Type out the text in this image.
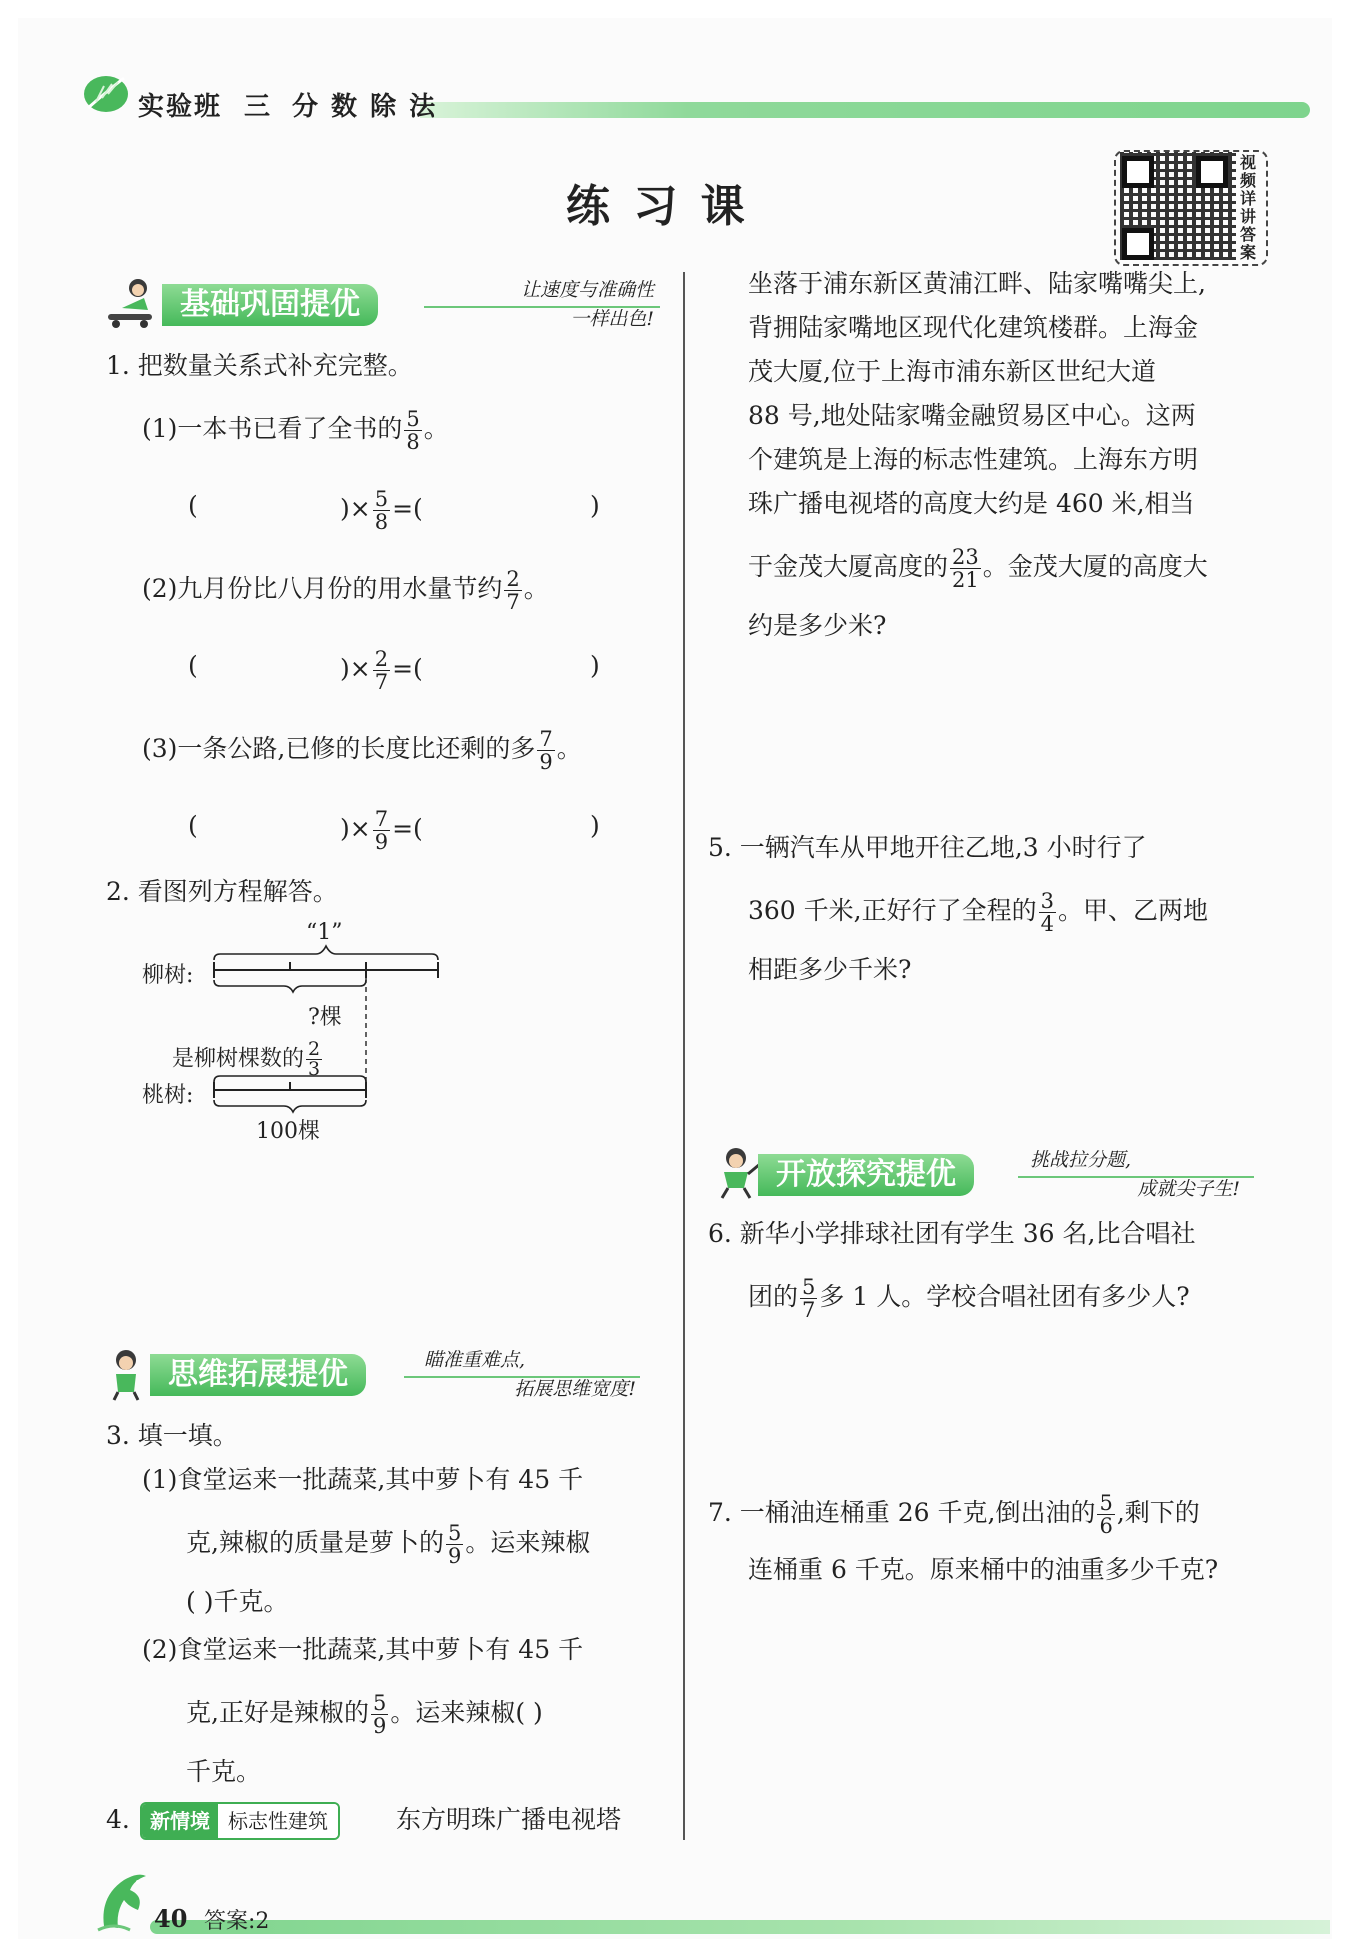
实验班 三 分 数 除 法
练 习 课
视频详讲答案
基础巩固提优	让速度与准确性
一样出色!
1. 把数量关系式补充完整。
(1)一本书已看了全书的 $\frac{5}{8}$ 。
(	)× $\frac{5}{8}$ =(	)
(2)九月份比八月份的用水量节约 $\frac{2}{7}$ 。
(	)× $\frac{2}{7}$ =(	)
(3)一条公路,已修的长度比还剩的多 $\frac{7}{9}$ 。
(	)× $\frac{7}{9}$ =(	)
2. 看图列方程解答。
“1”
柳树:
?棵
是柳树棵数的 $\frac{2}{3}$
桃树:
100棵
思维拓展提优	瞄准重难点,
拓展思维宽度!
3. 填一填。
(1)食堂运来一批蔬菜,其中萝卜有 45 千
克,辣椒的质量是萝卜的 $\frac{5}{9}$ 。运来辣椒
( )千克。
(2)食堂运来一批蔬菜,其中萝卜有 45 千
克,正好是辣椒的 $\frac{5}{9}$ 。运来辣椒( )
千克。
4.	新情境 标志性建筑	东方明珠广播电视塔
坐落于浦东新区黄浦江畔、陆家嘴嘴尖上,
背拥陆家嘴地区现代化建筑楼群。上海金
茂大厦,位于上海市浦东新区世纪大道
88 号,地处陆家嘴金融贸易区中心。这两
个建筑是上海的标志性建筑。上海东方明
珠广播电视塔的高度大约是 460 米,相当
于金茂大厦高度的 $\frac{23}{21}$ 。金茂大厦的高度大
约是多少米?
5. 一辆汽车从甲地开往乙地,3 小时行了
360 千米,正好行了全程的 $\frac{3}{4}$ 。甲、乙两地
相距多少千米?
开放探究提优	挑战拉分题,
成就尖子生!
6. 新华小学排球社团有学生 36 名,比合唱社
团的 $\frac{5}{7}$ 多 1 人。学校合唱社团有多少人?
7. 一桶油连桶重 26 千克,倒出油的 $\frac{5}{6}$ ,剩下的
连桶重 6 千克。原来桶中的油重多少千克?
40 答案:2
